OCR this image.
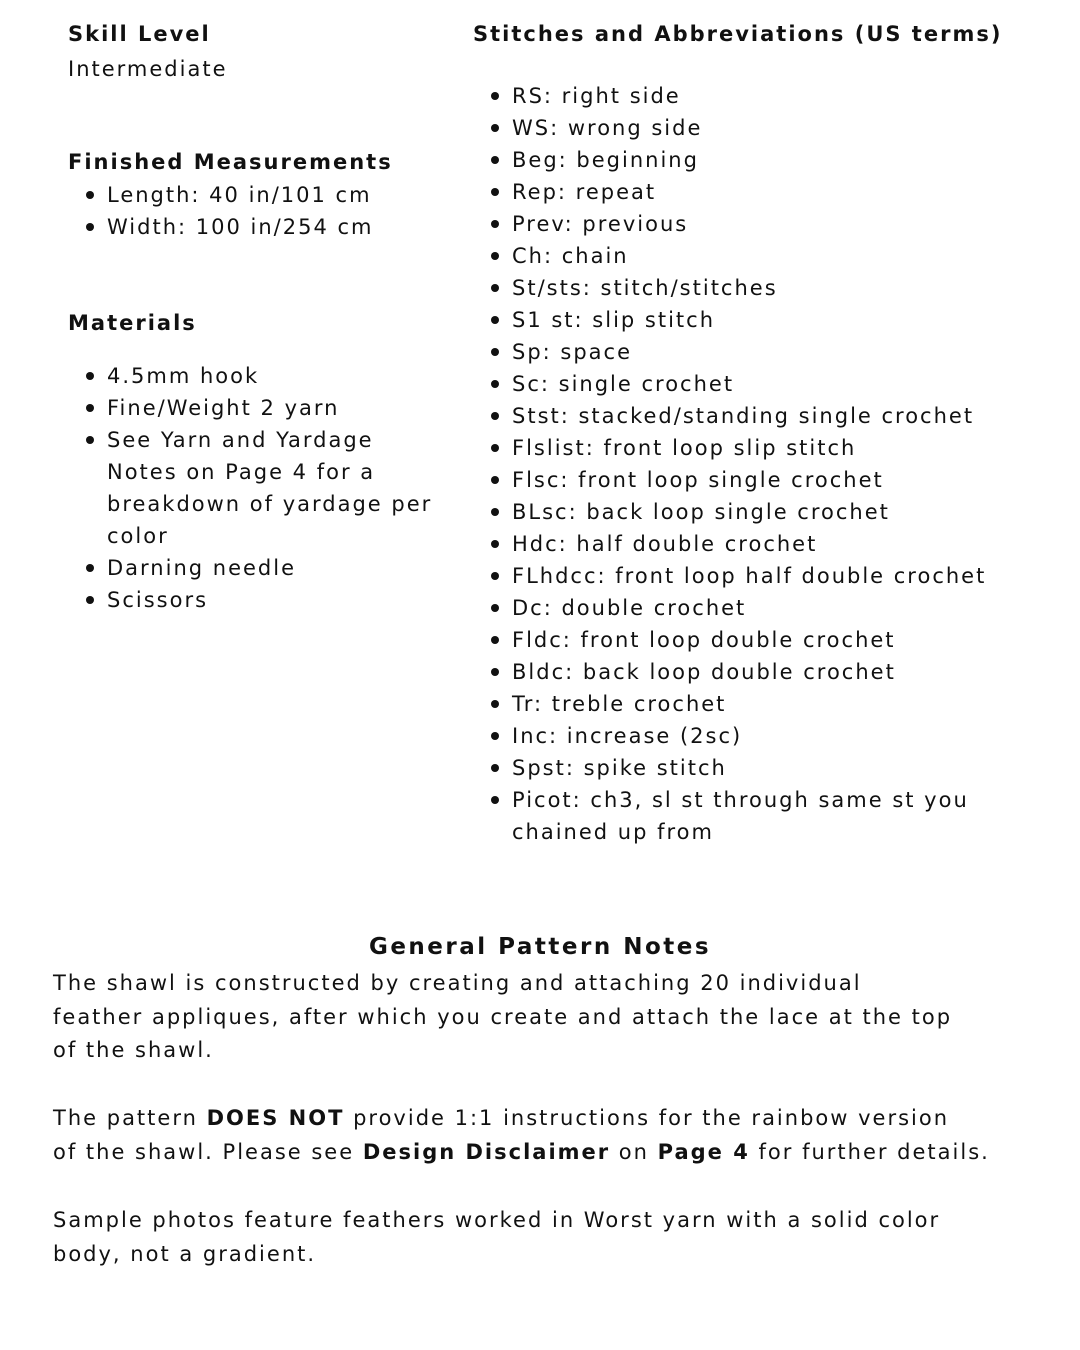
Skill Level

Intermediate

Finished Measurements
Length: 40 in/101 cm
Width: 100 in/254 cm
Materials
4.5mm hook
Fine/Weight 2 yarn
See Yarn and Yardage Notes on Page 4 for a breakdown of yardage per color
Darning needle
Scissors
Stitches and Abbreviations (US terms)
RS: right side
WS: wrong side
Beg: beginning
Rep: repeat
Prev: previous
Ch: chain
St/sts: stitch/stitches
S1 st: slip stitch
Sp: space
Sc: single crochet
Stst: stacked/standing single crochet
Flslist: front loop slip stitch
Flsc: front loop single crochet
BLsc: back loop single crochet
Hdc: half double crochet
FLhdcc: front loop half double crochet
Dc: double crochet
Fldc: front loop double crochet
Bldc: back loop double crochet
Tr: treble crochet
Inc: increase (2sc)
Spst: spike stitch
Picot: ch3, sl st through same st you
chained up from
General Pattern Notes

The shawl is constructed by creating and attaching 20 individual
feather appliques, after which you create and attach the lace at the top
of the shawl.

The pattern DOES NOT provide 1:1 instructions for the rainbow version
of the shawl. Please see Design Disclaimer on Page 4 for further details.

Sample photos feature feathers worked in Worst yarn with a solid color
body, not a gradient.
